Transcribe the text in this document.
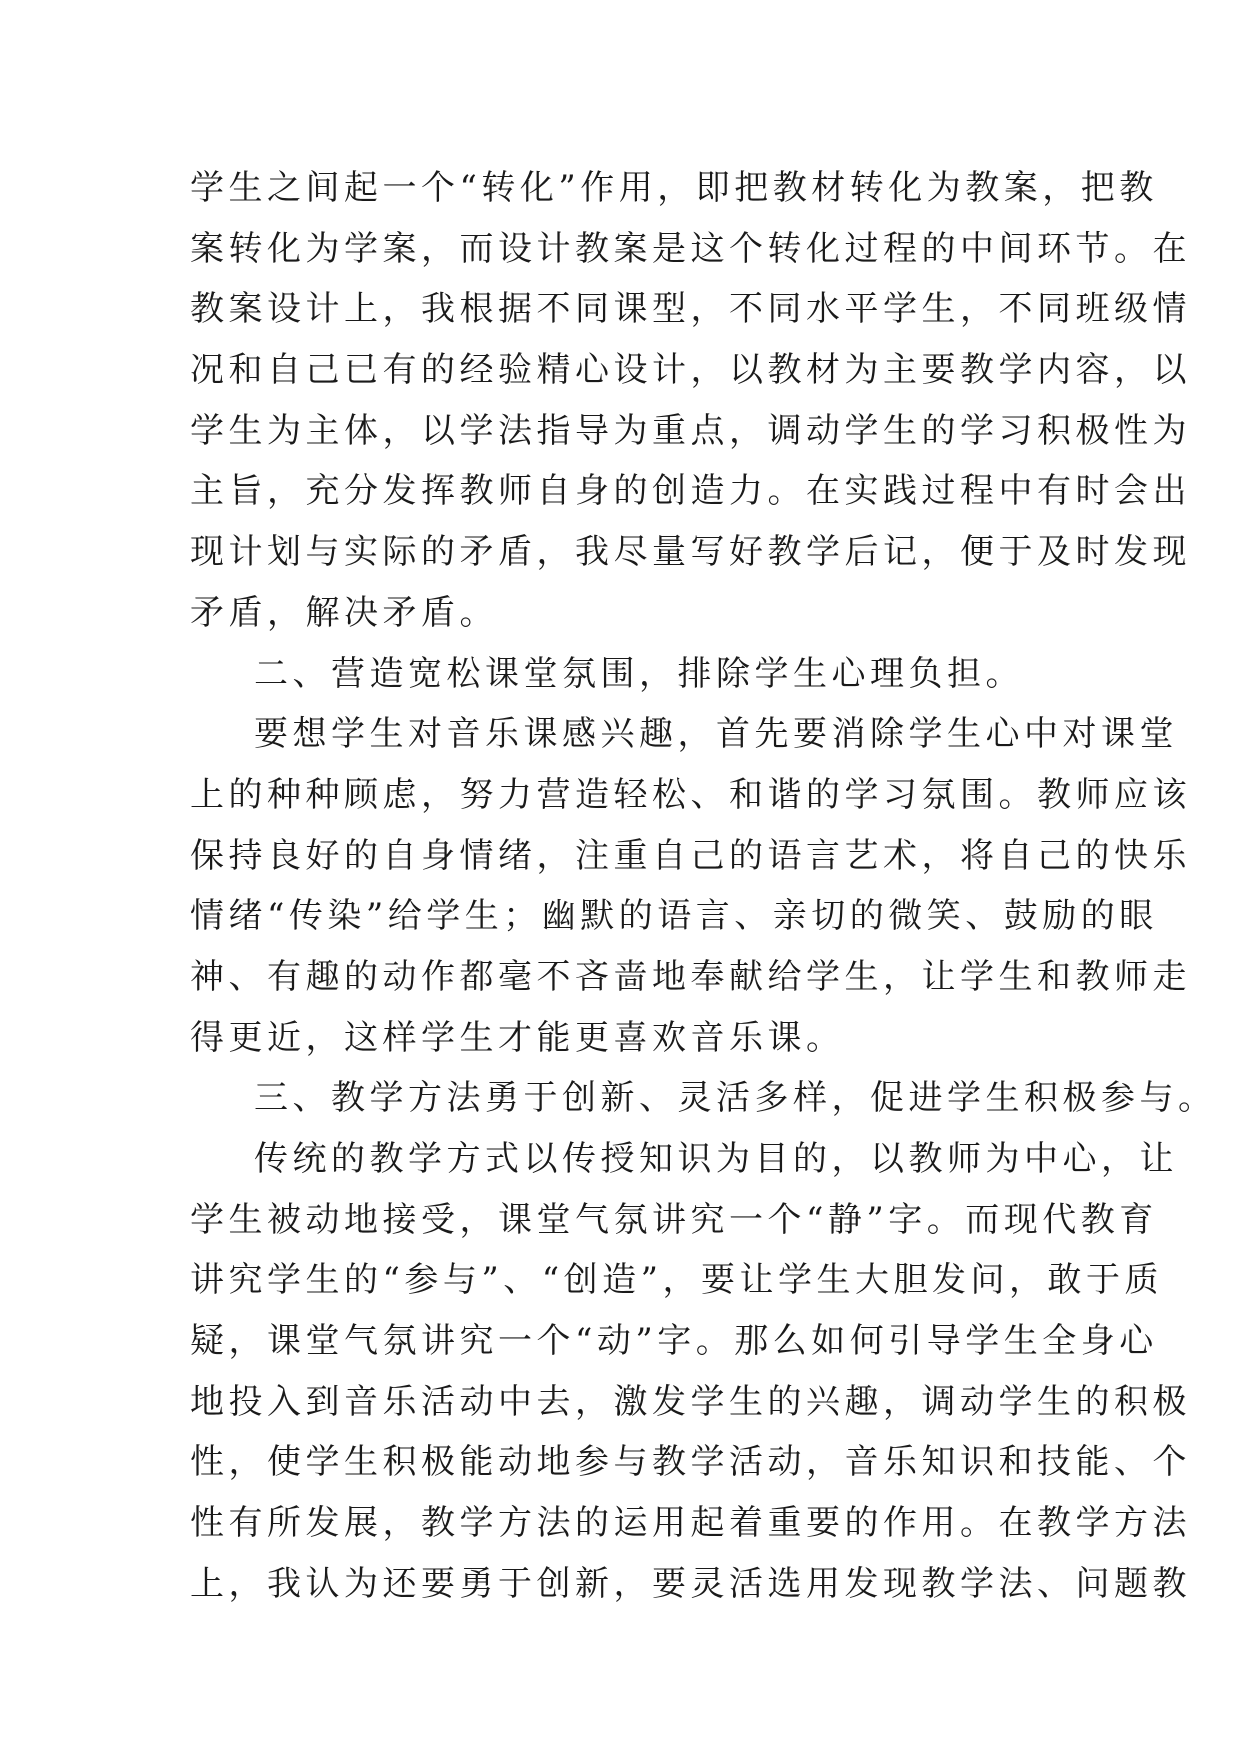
学生之间起一个“转化”作用，即把教材转化为教案，把教
案转化为学案，而设计教案是这个转化过程的中间环节。在
教案设计上，我根据不同课型，不同水平学生，不同班级情
况和自己已有的经验精心设计，以教材为主要教学内容，以
学生为主体，以学法指导为重点，调动学生的学习积极性为
主旨，充分发挥教师自身的创造力。在实践过程中有时会出
现计划与实际的矛盾，我尽量写好教学后记，便于及时发现
矛盾，解决矛盾。
二、营造宽松课堂氛围，排除学生心理负担。
要想学生对音乐课感兴趣，首先要消除学生心中对课堂
上的种种顾虑，努力营造轻松、和谐的学习氛围。教师应该
保持良好的自身情绪，注重自己的语言艺术，将自己的快乐
情绪“传染”给学生；幽默的语言、亲切的微笑、鼓励的眼
神、有趣的动作都毫不吝啬地奉献给学生，让学生和教师走
得更近，这样学生才能更喜欢音乐课。
三、教学方法勇于创新、灵活多样，促进学生积极参与。
传统的教学方式以传授知识为目的，以教师为中心，让
学生被动地接受，课堂气氛讲究一个“静”字。而现代教育
讲究学生的“参与”、“创造”，要让学生大胆发问，敢于质
疑，课堂气氛讲究一个“动”字。那么如何引导学生全身心
地投入到音乐活动中去，激发学生的兴趣，调动学生的积极
性，使学生积极能动地参与教学活动，音乐知识和技能、个
性有所发展，教学方法的运用起着重要的作用。在教学方法
上，我认为还要勇于创新，要灵活选用发现教学法、问题教
